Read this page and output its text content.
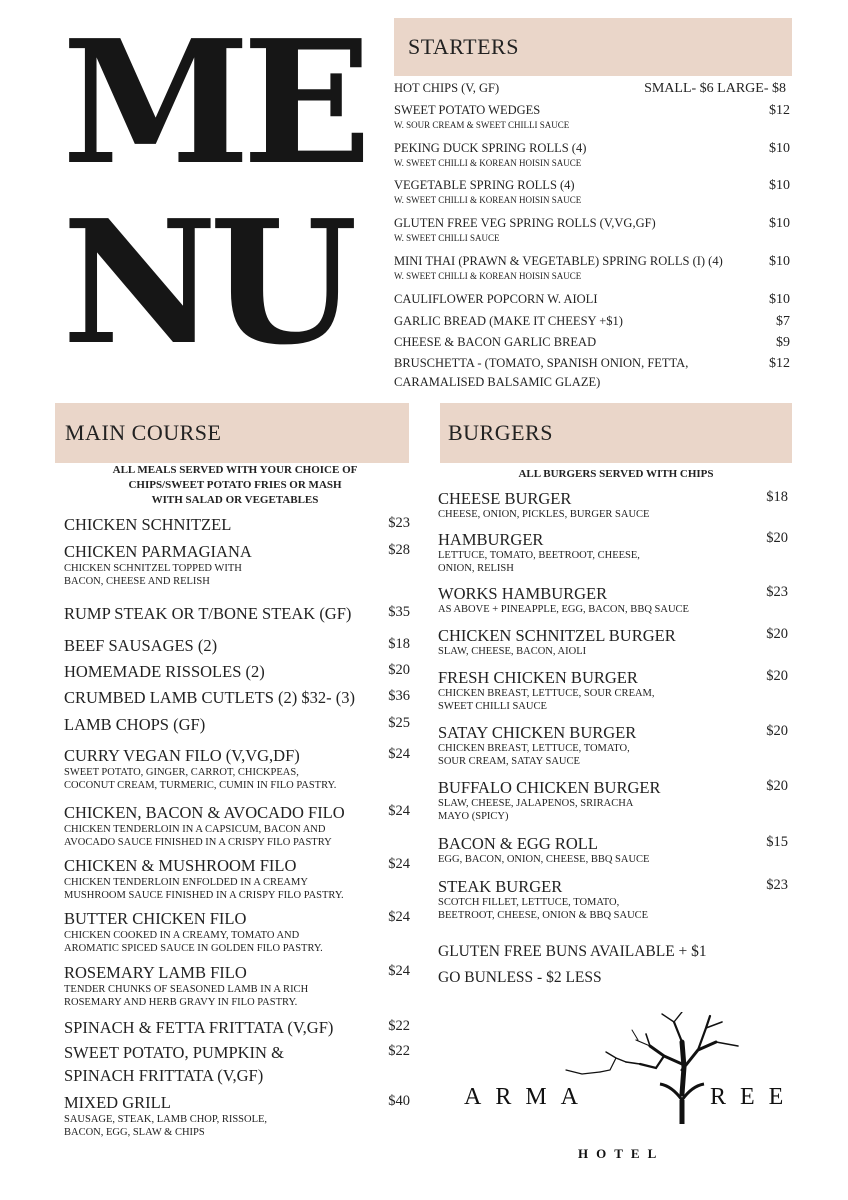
ME
NU
STARTERS
HOT CHIPS (V, GF)	SMALL- $6 LARGE- $8
SWEET POTATO WEDGES	$12
W. SOUR CREAM & SWEET CHILLI SAUCE
PEKING DUCK SPRING ROLLS (4)	$10
W. SWEET CHILLI & KOREAN HOISIN SAUCE
VEGETABLE SPRING ROLLS (4)	$10
W. SWEET CHILLI & KOREAN HOISIN SAUCE
GLUTEN FREE VEG SPRING ROLLS (V,VG,GF)	$10
W. SWEET CHILLI SAUCE
MINI THAI (PRAWN & VEGETABLE) SPRING ROLLS (I) (4)	$10
W. SWEET CHILLI & KOREAN HOISIN SAUCE
CAULIFLOWER POPCORN W. AIOLI	$10
GARLIC BREAD (MAKE IT CHEESY +$1)	$7
CHEESE & BACON GARLIC BREAD	$9
BRUSCHETTA - (TOMATO, SPANISH ONION, FETTA,	$12
CARAMALISED BALSAMIC GLAZE)
MAIN COURSE
ALL MEALS SERVED WITH YOUR CHOICE OF
CHIPS/SWEET POTATO FRIES OR MASH
WITH SALAD OR VEGETABLES
CHICKEN SCHNITZEL	$23
CHICKEN PARMAGIANA	$28
CHICKEN SCHNITZEL TOPPED WITH
BACON, CHEESE AND RELISH
RUMP STEAK OR T/BONE STEAK (GF)	$35
BEEF SAUSAGES (2)	$18
HOMEMADE RISSOLES (2)	$20
CRUMBED LAMB CUTLETS (2) $32- (3) $36
LAMB CHOPS (GF)	$25
CURRY VEGAN FILO (V,VG,DF)	$24
SWEET POTATO, GINGER, CARROT, CHICKPEAS,
COCONUT CREAM, TURMERIC, CUMIN IN FILO PASTRY.
CHICKEN, BACON & AVOCADO FILO	$24
CHICKEN TENDERLOIN IN A CAPSICUM, BACON AND
AVOCADO SAUCE FINISHED IN A CRISPY FILO PASTRY
CHICKEN & MUSHROOM FILO	$24
CHICKEN TENDERLOIN ENFOLDED IN A CREAMY
MUSHROOM SAUCE FINISHED IN A CRISPY FILO PASTRY.
BUTTER CHICKEN FILO	$24
CHICKEN COOKED IN A CREAMY, TOMATO AND
AROMATIC SPICED SAUCE IN GOLDEN FILO PASTRY.
ROSEMARY LAMB FILO	$24
TENDER CHUNKS OF SEASONED LAMB IN A RICH
ROSEMARY AND HERB GRAVY IN FILO PASTRY.
SPINACH & FETTA FRITTATA (V,GF)	$22
SWEET POTATO, PUMPKIN &	$22
SPINACH FRITTATA (V,GF)
MIXED GRILL	$40
SAUSAGE, STEAK, LAMB CHOP, RISSOLE,
BACON, EGG, SLAW & CHIPS
BURGERS
ALL BURGERS SERVED WITH CHIPS
CHEESE BURGER	$18
CHEESE, ONION, PICKLES, BURGER SAUCE
HAMBURGER	$20
LETTUCE, TOMATO, BEETROOT, CHEESE,
ONION, RELISH
WORKS HAMBURGER	$23
AS ABOVE + PINEAPPLE, EGG, BACON, BBQ SAUCE
CHICKEN SCHNITZEL BURGER	$20
SLAW, CHEESE, BACON, AIOLI
FRESH CHICKEN BURGER	$20
CHICKEN BREAST, LETTUCE, SOUR CREAM,
SWEET CHILLI SAUCE
SATAY CHICKEN BURGER	$20
CHICKEN BREAST, LETTUCE, TOMATO,
SOUR CREAM, SATAY SAUCE
BUFFALO CHICKEN BURGER	$20
SLAW, CHEESE, JALAPENOS, SRIRACHA
MAYO (SPICY)
BACON & EGG ROLL	$15
EGG, BACON, ONION, CHEESE, BBQ SAUCE
STEAK BURGER	$23
SCOTCH FILLET, LETTUCE, TOMATO,
BEETROOT, CHEESE, ONION & BBQ SAUCE
GLUTEN FREE BUNS AVAILABLE + $1
GO BUNLESS - $2 LESS
ARMA	REE
HOTEL
